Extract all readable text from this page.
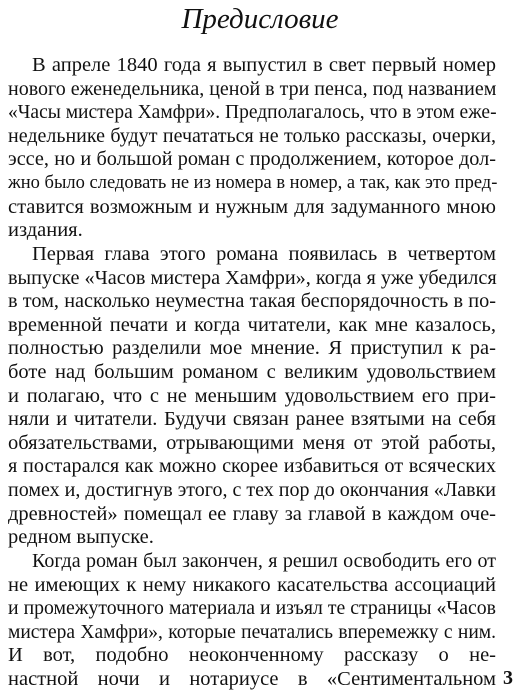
Предисловие
В апреле 1840 года я выпустил в свет первый номер
нового еженедельника, ценой в три пенса, под названием
«Часы мистера Хамфри». Предполагалось, что в этом еже-
недельнике будут печататься не только рассказы, очерки,
эссе, но и большой роман с продолжением, которое дол-
жно было следовать не из номера в номер, а так, как это пред-
ставится возможным и нужным для задуманного мною
издания.
Первая глава этого романа появилась в четвертом
выпуске «Часов мистера Хамфри», когда я уже убедился
в том, насколько неуместна такая беспорядочность в по-
временной печати и когда читатели, как мне казалось,
полностью разделили мое мнение. Я приступил к ра-
боте над большим романом с великим удовольствием
и полагаю, что с не меньшим удовольствием его при-
няли и читатели. Будучи связан ранее взятыми на себя
обязательствами, отрывающими меня от этой работы,
я постарался как можно скорее избавиться от всяческих
помех и, достигнув этого, с тех пор до окончания «Лавки
древностей» помещал ее главу за главой в каждом оче-
редном выпуске.
Когда роман был закончен, я решил освободить его от
не имеющих к нему никакого касательства ассоциаций
и промежуточного материала и изъял те страницы «Часов
мистера Хамфри», которые печатались вперемежку с ним.
И вот, подобно неоконченному рассказу о не-
настной ночи и нотариусе в «Сентиментальном 3
